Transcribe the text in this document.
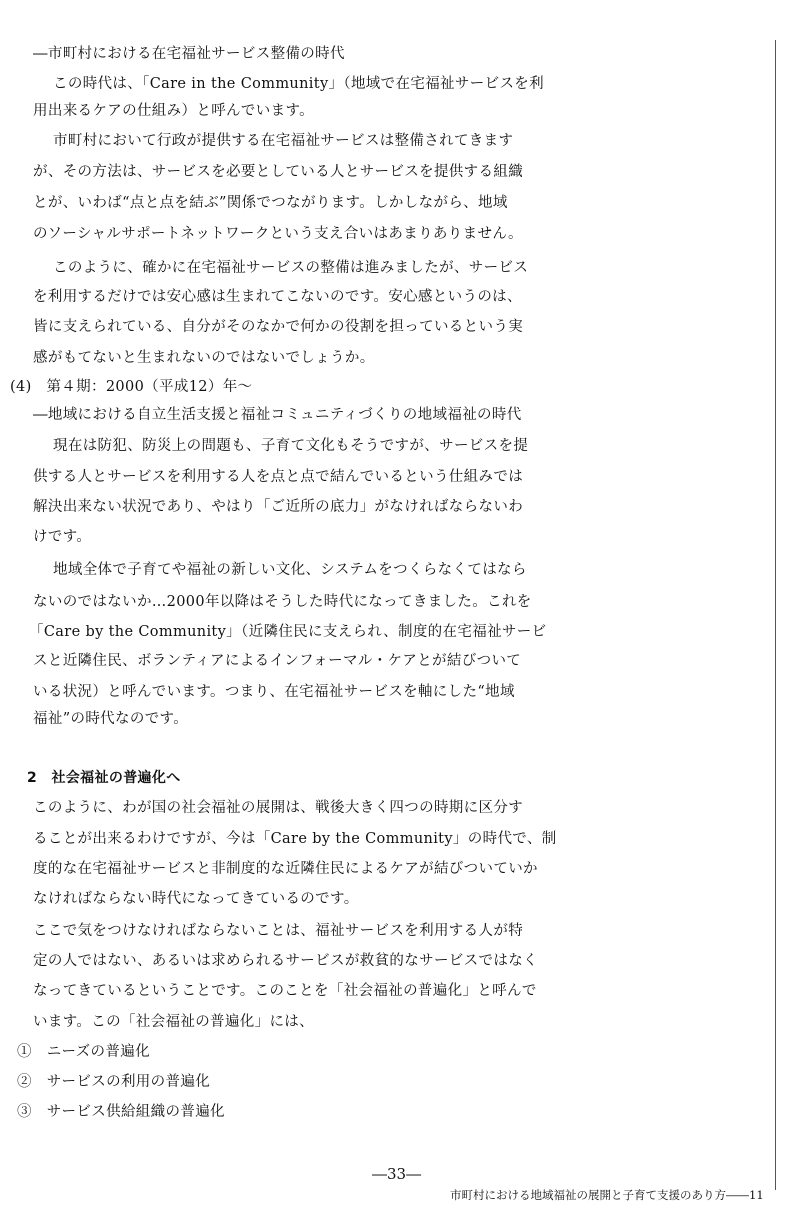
―市町村における在宅福祉サービス整備の時代
この時代は、「Care in the Community」（地域で在宅福祉サービスを利
用出来るケアの仕組み）と呼んでいます。
市町村において行政が提供する在宅福祉サービスは整備されてきます
が、その方法は、サービスを必要としている人とサービスを提供する組織
とが、いわば“点と点を結ぶ”関係でつながります。しかしながら、地域
のソーシャルサポートネットワークという支え合いはあまりありません。
このように、確かに在宅福祉サービスの整備は進みましたが、サービス
を利用するだけでは安心感は生まれてこないのです。安心感というのは、
皆に支えられている、自分がそのなかで何かの役割を担っているという実
感がもてないと生まれないのではないでしょうか。
(4)　第４期：2000（平成12）年～
―地域における自立生活支援と福祉コミュニティづくりの地域福祉の時代
現在は防犯、防災上の問題も、子育て文化もそうですが、サービスを提
供する人とサービスを利用する人を点と点で結んでいるという仕組みでは
解決出来ない状況であり、やはり「ご近所の底力」がなければならないわ
けです。
地域全体で子育てや福祉の新しい文化、システムをつくらなくてはなら
ないのではないか…2000年以降はそうした時代になってきました。これを
「Care by the Community」（近隣住民に支えられ、制度的在宅福祉サービ
スと近隣住民、ボランティアによるインフォーマル・ケアとが結びついて
いる状況）と呼んでいます。つまり、在宅福祉サービスを軸にした“地域
福祉”の時代なのです。
2　社会福祉の普遍化へ
このように、わが国の社会福祉の展開は、戦後大きく四つの時期に区分す
ることが出来るわけですが、今は「Care by the Community」の時代で、制
度的な在宅福祉サービスと非制度的な近隣住民によるケアが結びついていか
なければならない時代になってきているのです。
ここで気をつけなければならないことは、福祉サービスを利用する人が特
定の人ではない、あるいは求められるサービスが救貧的なサービスではなく
なってきているということです。このことを「社会福祉の普遍化」と呼んで
います。この「社会福祉の普遍化」には、
①　ニーズの普遍化
②　サービスの利用の普遍化
③　サービス供給組織の普遍化
―33―
市町村における地域福祉の展開と子育て支援のあり方――11
